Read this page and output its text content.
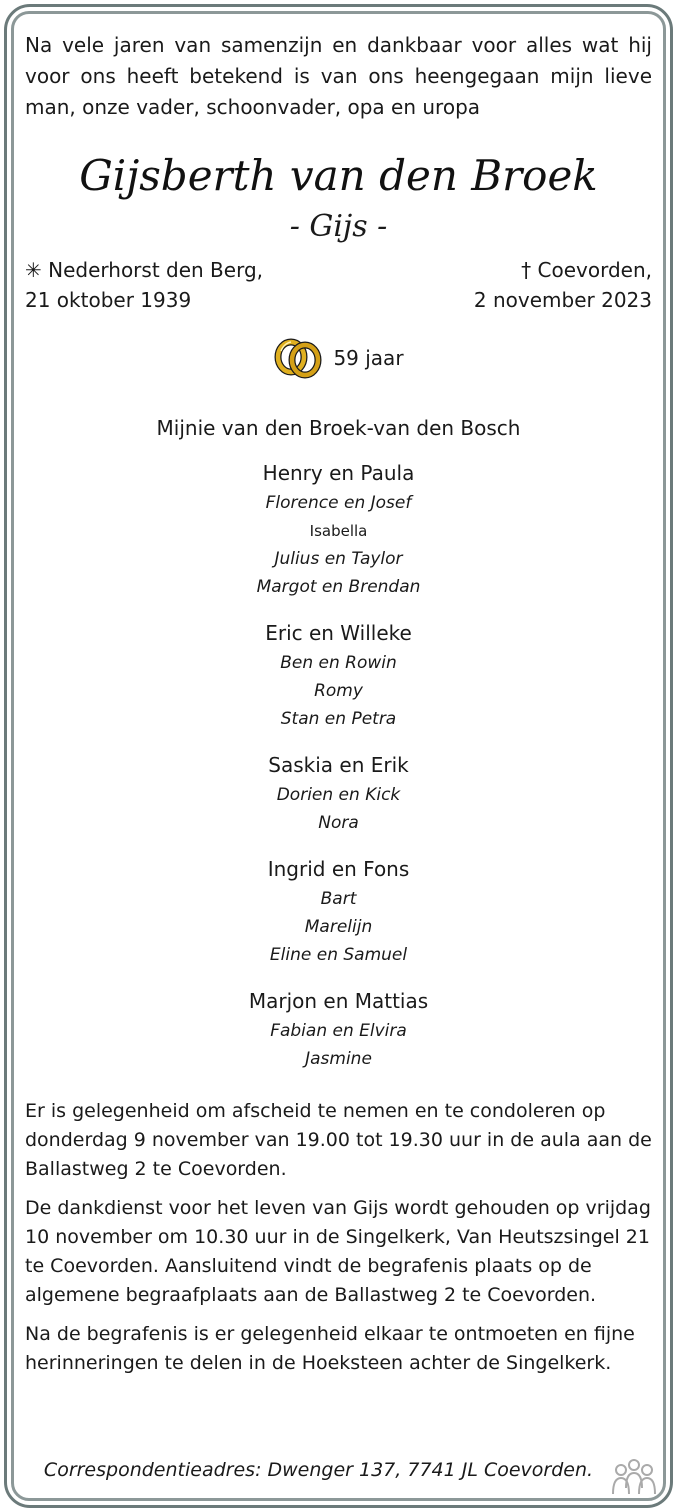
Na vele jaren van samenzijn en dankbaar voor alles wat hij voor ons heeft betekend is van ons heengegaan mijn lieve man, onze vader, schoonvader, opa en uropa

Gijsberth van den Broek
- Gijs -
✳ Nederhorst den Berg,
21 oktober 1939
† Coevorden,
2 november 2023
59 jaar
Mijnie van den Broek-van den Bosch
Henry en Paula
Florence en Josef
Isabella
Julius en Taylor
Margot en Brendan
Eric en Willeke
Ben en Rowin
Romy
Stan en Petra
Saskia en Erik
Dorien en Kick
Nora
Ingrid en Fons
Bart
Marelijn
Eline en Samuel
Marjon en Mattias
Fabian en Elvira
Jasmine

Er is gelegenheid om afscheid te nemen en te condoleren op donderdag 9 november van 19.00 tot 19.30 uur in de aula aan de Ballastweg 2 te Coevorden.

De dankdienst voor het leven van Gijs wordt gehouden op vrijdag 10 november om 10.30 uur in de Singelkerk, Van Heutszsingel 21 te Coevorden. Aansluitend vindt de begrafenis plaats op de algemene begraafplaats aan de Ballastweg 2 te Coevorden.

Na de begrafenis is er gelegenheid elkaar te ontmoeten en fijne herinneringen te delen in de Hoeksteen achter de Singelkerk.

Correspondentieadres: Dwenger 137, 7741 JL Coevorden.
